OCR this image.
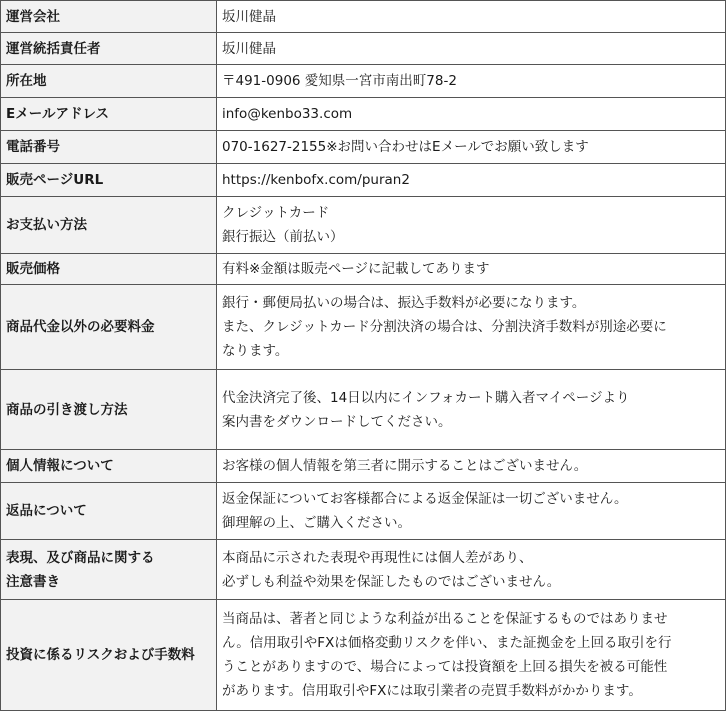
運営会社	坂川健晶

運営統括責任者	坂川健晶

所在地	〒491-0906 愛知県一宮市南出町78-2

Eメールアドレス	info@kenbo33.com

電話番号	070-1627-2155※お問い合わせはEメールでお願い致します

販売ページURL	https://kenbofx.com/puran2

お支払い方法	クレジットカード
銀行振込（前払い）

販売価格	有料※金額は販売ページに記載してあります

商品代金以外の必要料金	銀行・郵便局払いの場合は、振込手数料が必要になります。
また、クレジットカード分割決済の場合は、分割決済手数料が別途必要に
なります。

商品の引き渡し方法	代金決済完了後、14日以内にインフォカート購入者マイページより
案内書をダウンロードしてください。

個人情報について	お客様の個人情報を第三者に開示することはございません。

返品について	返金保証についてお客様都合による返金保証は一切ございません。
御理解の上、ご購入ください。

表現、及び商品に関する
注意書き	本商品に示された表現や再現性には個人差があり、
必ずしも利益や効果を保証したものではございません。

投資に係るリスクおよび手数料	当商品は、著者と同じような利益が出ることを保証するものではありませ
ん。信用取引やFXは価格変動リスクを伴い、また証拠金を上回る取引を行
うことがありますので、場合によっては投資額を上回る損失を被る可能性
があります。信用取引やFXには取引業者の売買手数料がかかります。
